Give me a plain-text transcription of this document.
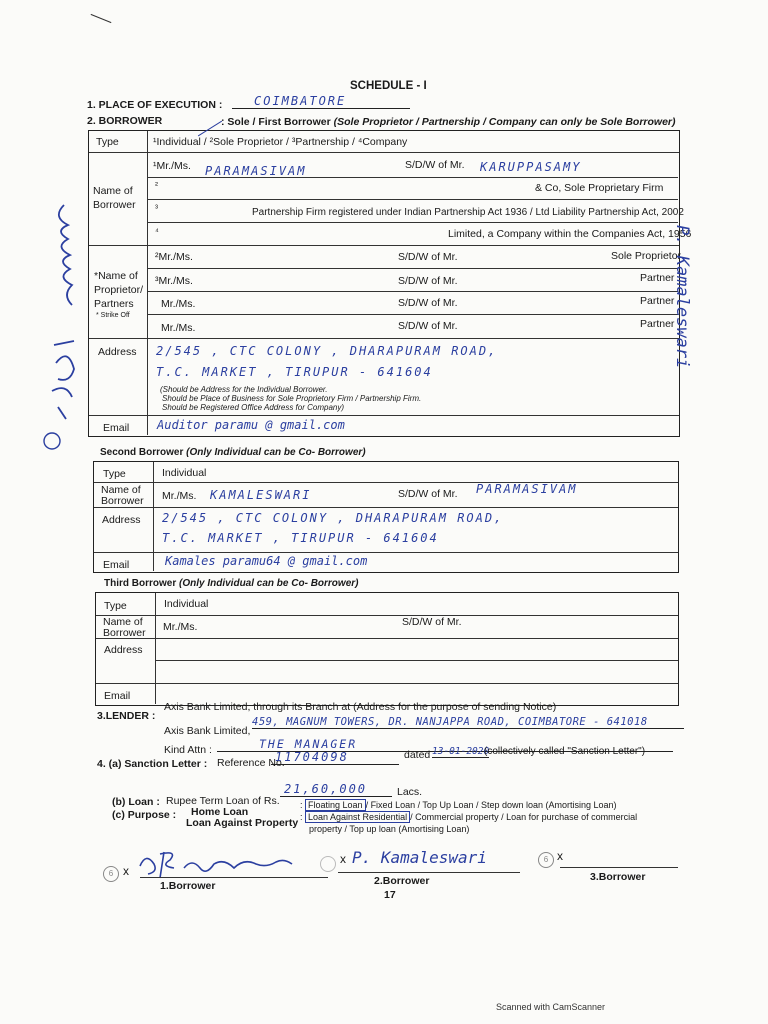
SCHEDULE - I
1. PLACE OF EXECUTION :	COIMBATORE
2. BORROWER	: Sole / First Borrower (Sole Proprietor / Partnership / Company can only be Sole Borrower)
Type	¹Individual / ²Sole Proprietor / ³Partnership / ⁴Company
Name of Borrower
¹Mr./Ms. PARAMASIVAM	S/D/W of Mr. KARUPPASAMY
²	& Co, Sole Proprietary Firm
³	Partnership Firm registered under Indian Partnership Act 1936 / Ltd Liability Partnership Act, 2002
⁴	Limited, a Company within the Companies Act, 1956
*Name of Proprietor/ Partners
* Strike Off
²Mr./Ms.	S/D/W of Mr.	Sole Proprietor
³Mr./Ms.	S/D/W of Mr.	Partner
Mr./Ms.	S/D/W of Mr.	Partner
Mr./Ms.	S/D/W of Mr.	Partner
Address 2/545 , CTC COLONY , DHARAPURAM ROAD,
T.C. MARKET , TIRUPUR - 641604
(Should be Address for the Individual Borrower.
Should be Place of Business for Sole Proprietory Firm / Partnership Firm.
Should be Registered Office Address for Company)
Email Auditor paramu @ gmail.com
Second Borrower (Only Individual can be Co- Borrower)
Type	Individual
Name of Borrower	Mr./Ms. KAMALESWARI	S/D/W of Mr. PARAMASIVAM
Address 2/545 , CTC COLONY , DHARAPURAM ROAD,
T.C. MARKET , TIRUPUR - 641604
Email	Kamales paramu64 @ gmail.com
Third Borrower (Only Individual can be Co- Borrower)
Type	Individual
Name of Borrower	Mr./Ms.	S/D/W of Mr.
Address
Email
3.LENDER :
Axis Bank Limited, through its Branch at (Address for the purpose of sending Notice)
Axis Bank Limited,
459, MAGNUM TOWERS, DR. NANJAPPA ROAD, COIMBATORE - 641018
Kind Attn :	THE MANAGER
4. (a) Sanction Letter : Reference No.
11704098	dated 13-01-2020
(collectively called "Sanction Letter")
(b) Loan : Rupee Term Loan of Rs.
21,60,000	Lacs.
(c) Purpose : Home Loan
Loan Against Property
: Floating Loan / Fixed Loan / Top Up Loan / Step down loan (Amortising Loan)
: Loan Against Residential / Commercial property / Loan for purchase of commercial
property / Top up loan (Amortising Loan)
6 x
1.Borrower
x P. Kamaleswari
2.Borrower
17
6 x
3.Borrower
P. Kamaleswari
Scanned with CamScanner
